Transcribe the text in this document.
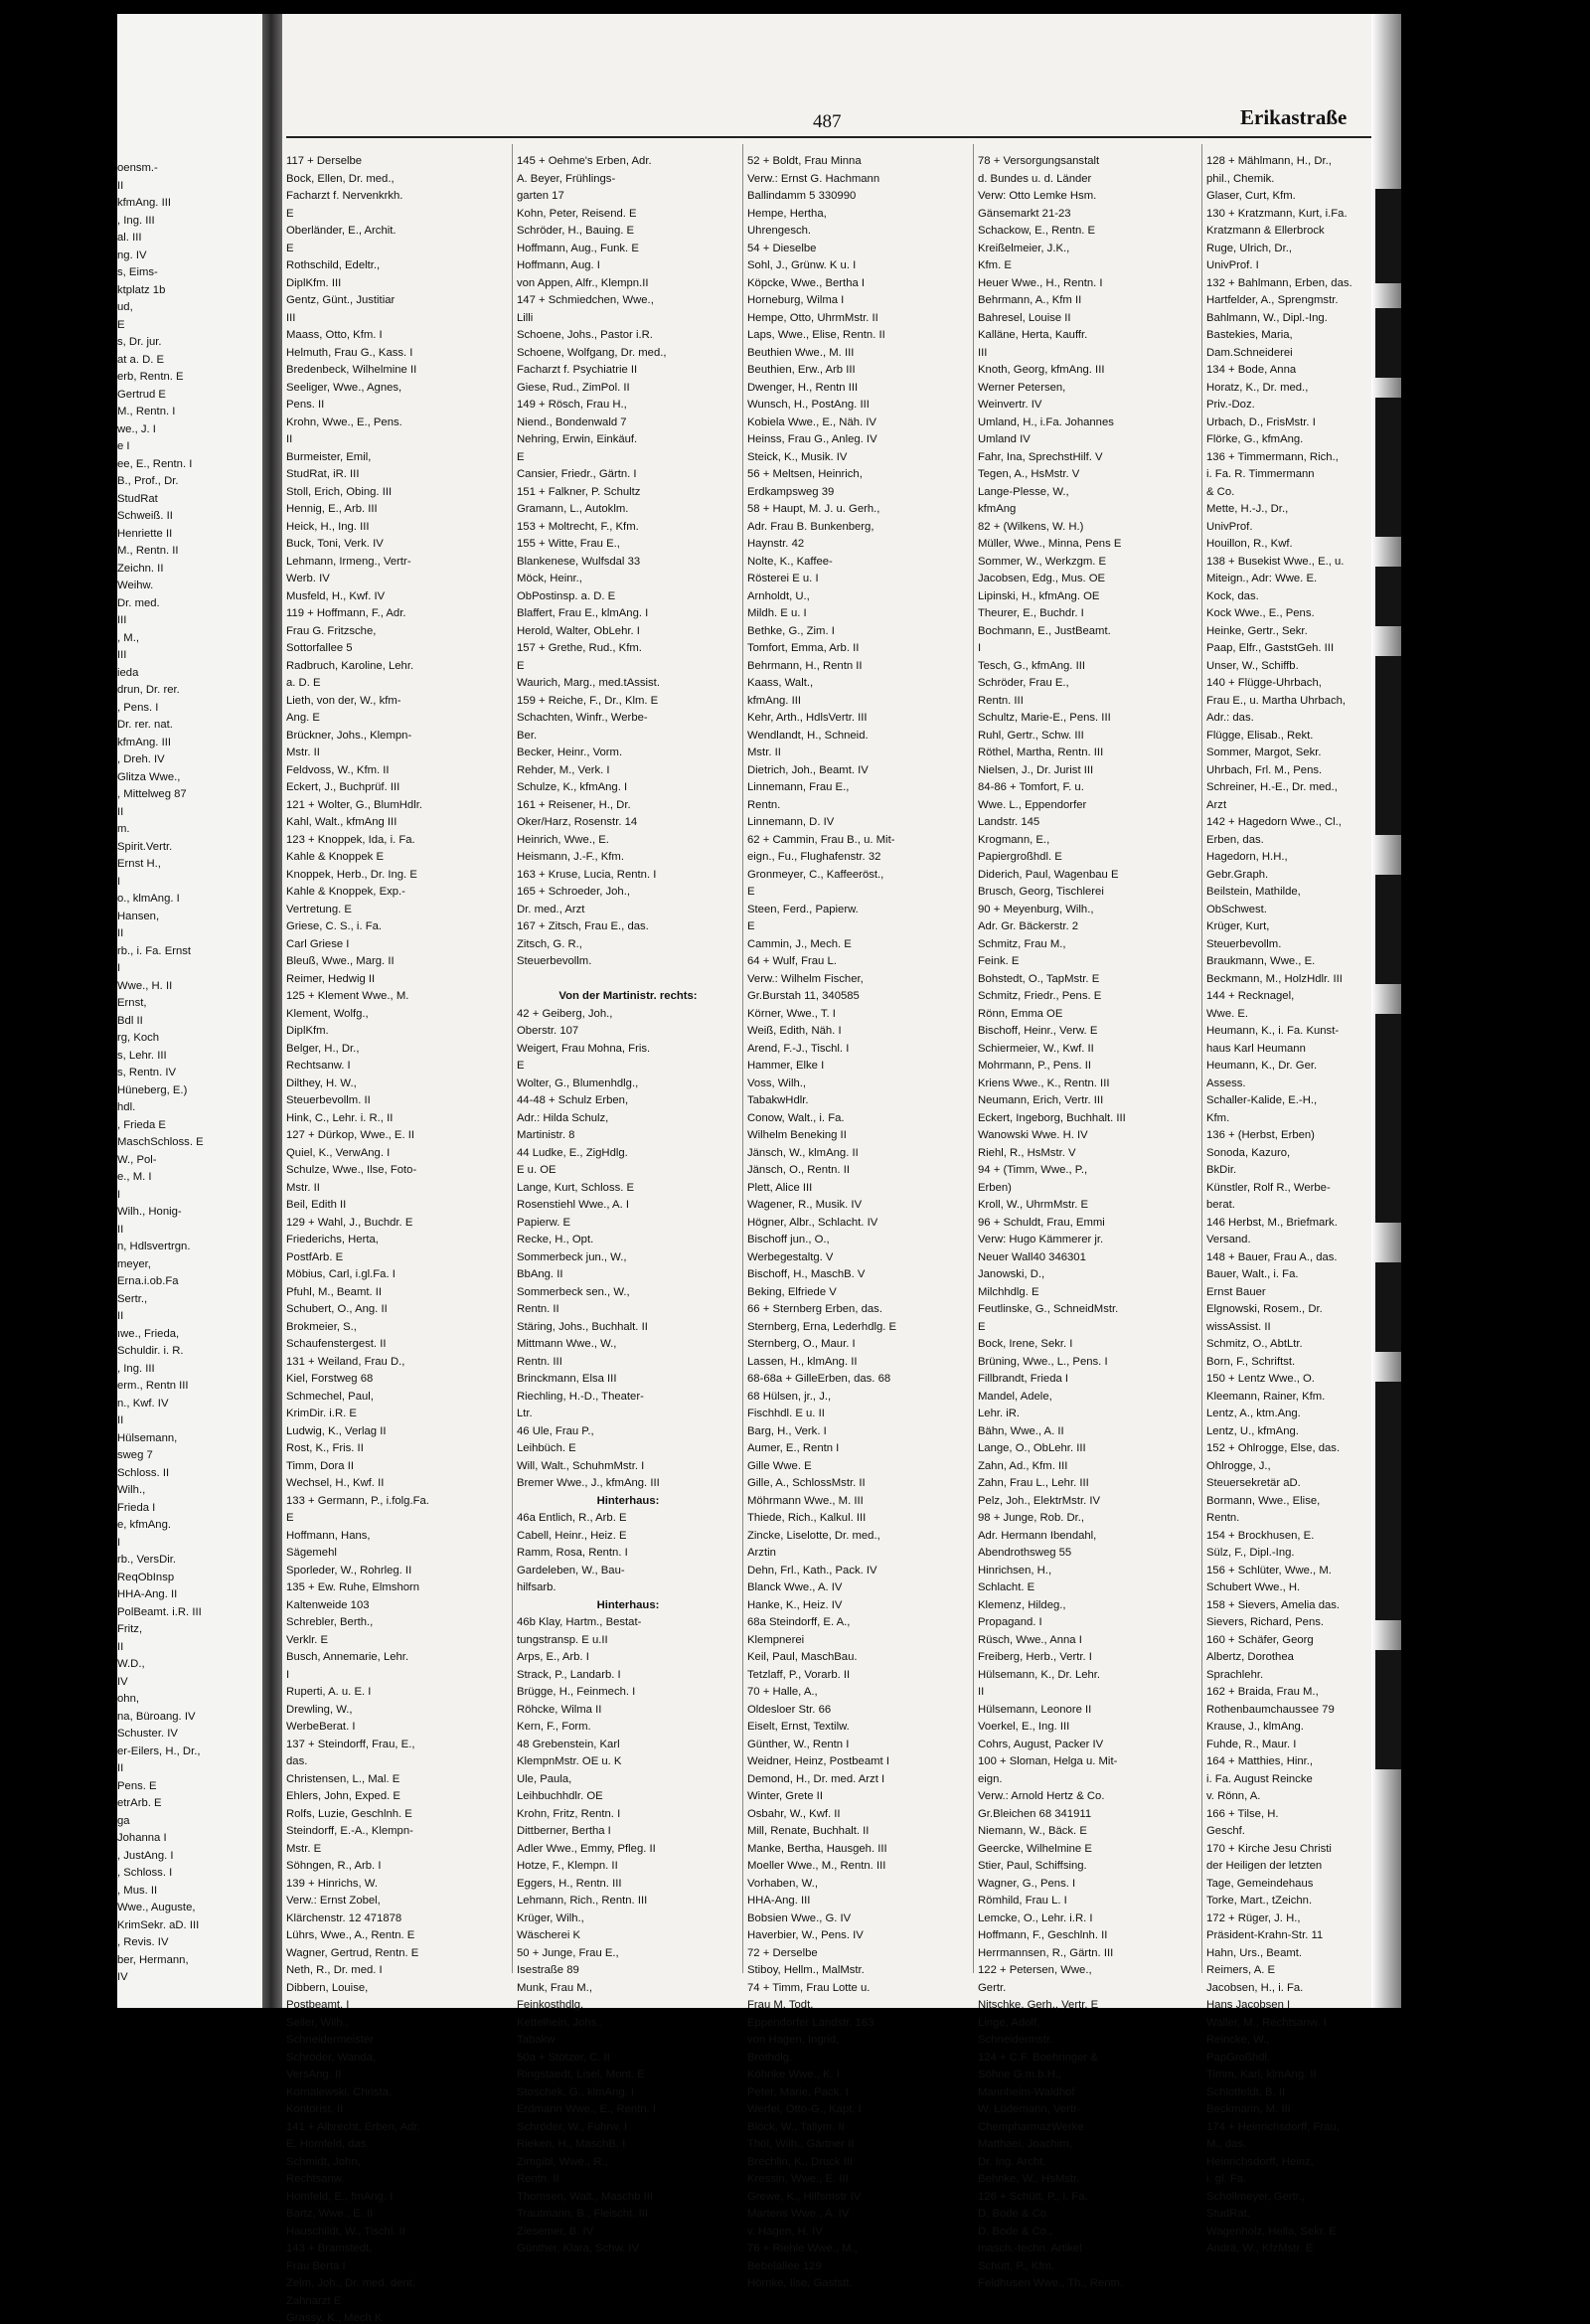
oensm.-
II
kfmAng. III
, Ing. III
al. III
ng. IV
s, Eims-
ktplatz 1b
ud,
E
s, Dr. jur.
at a. D. E
erb, Rentn. E
Gertrud E
M., Rentn. I
we., J. I
e I
ee, E., Rentn. I
B., Prof., Dr.
StudRat
Schweiß. II
Henriette II
M., Rentn. II
Zeichn. II
Weihw.
Dr. med.
III
, M.,
III
ieda
drun, Dr. rer.
, Pens. I
Dr. rer. nat.
kfmAng. III
, Dreh. IV
Glitza Wwe.,
, Mittelweg 87
II
m.
Spirit.Vertr.
Ernst H.,
I
o., klmAng. I
Hansen,
II
rb., i. Fa. Ernst
I
Wwe., H. II
Ernst,
Bdl II
rg, Koch
s, Lehr. III
s, Rentn. IV
Hüneberg, E.)
hdl.
, Frieda E
MaschSchloss. E
W., Pol-
e., M. I
I
Wilh., Honig-
II
n, Hdlsvertrgn.
meyer,
Erna.i.ob.Fa
Sertr.,
II
ıwe., Frieda,
Schuldir. i. R.
, Ing. III
erm., Rentn III
n., Kwf. IV
II
Hülsemann,
sweg 7
Schloss. II
Wilh.,
Frieda I
e, kfmAng.
I
rb., VersDir.
ReqObInsp
HHA-Ang. II
PolBeamt. i.R. III
Fritz,
II
W.D.,
IV
ohn,
na, Büroang. IV
Schuster. IV
er-Eilers, H., Dr.,
II
Pens. E
etrArb. E
ga
Johanna I
, JustAng. I
, Schloss. I
, Mus. II
Wwe., Auguste,
KrimSekr. aD. III
, Revis. IV
ber, Hermann,
IV
487	Erikastraße
117 + Derselbe
Bock, Ellen, Dr. med.,
Facharzt f. Nervenkrkh.
E
Oberländer, E., Archit.
E
Rothschild, Edeltr.,
DiplKfm. III
Gentz, Günt., Justitiar
III
Maass, Otto, Kfm. I
Helmuth, Frau G., Kass. I
Bredenbeck, Wilhelmine II
Seeliger, Wwe., Agnes,
Pens. II
Krohn, Wwe., E., Pens.
II
Burmeister, Emil,
StudRat, iR. III
Stoll, Erich, Obing. III
Hennig, E., Arb. III
Heick, H., Ing. III
Buck, Toni, Verk. IV
Lehmann, Irmeng., Vertr-
Werb. IV
Musfeld, H., Kwf. IV
119 + Hoffmann, F., Adr.
Frau G. Fritzsche,
Sottorfallee 5
Radbruch, Karoline, Lehr.
a. D. E
Lieth, von der, W., kfm-
Ang. E
Brückner, Johs., Klempn-
Mstr. II
Feldvoss, W., Kfm. II
Eckert, J., Buchprüf. III
121 + Wolter, G., BlumHdlr.
Kahl, Walt., kfmAng III
123 + Knoppek, Ida, i. Fa.
Kahle & Knoppek E
Knoppek, Herb., Dr. Ing. E
Kahle & Knoppek, Exp.-
Vertretung. E
Griese, C. S., i. Fa.
Carl Griese I
Bleuß, Wwe., Marg. II
Reimer, Hedwig II
125 + Klement Wwe., M.
Klement, Wolfg.,
DiplKfm.
Belger, H., Dr.,
Rechtsanw. I
Dilthey, H. W.,
Steuerbevollm. II
Hink, C., Lehr. i. R., II
127 + Dürkop, Wwe., E. II
Quiel, K., VerwAng. I
Schulze, Wwe., Ilse, Foto-
Mstr. II
Beil, Edith II
129 + Wahl, J., Buchdr. E
Friederichs, Herta,
PostfArb. E
Möbius, Carl, i.gl.Fa. I
Pfuhl, M., Beamt. II
Schubert, O., Ang. II
Brokmeier, S.,
Schaufenstergest. II
131 + Weiland, Frau D.,
Kiel, Forstweg 68
Schmechel, Paul,
KrimDir. i.R. E
Ludwig, K., Verlag II
Rost, K., Fris. II
Timm, Dora II
Wechsel, H., Kwf. II
133 + Germann, P., i.folg.Fa.
E
Hoffmann, Hans,
Sägemehl
Sporleder, W., Rohrleg. II
135 + Ew. Ruhe, Elmshorn
Kaltenweide 103
Schrebler, Berth.,
Verklr. E
Busch, Annemarie, Lehr.
I
Ruperti, A. u. E. I
Drewling, W.,
WerbeBerat. I
137 + Steindorff, Frau, E.,
das.
Christensen, L., Mal. E
Ehlers, John, Exped. E
Rolfs, Luzie, Geschlnh. E
Steindorff, E.-A., Klempn-
Mstr. E
Söhngen, R., Arb. I
139 + Hinrichs, W.
Verw.: Ernst Zobel,
Klärchenstr. 12 471878
Lührs, Wwe., A., Rentn. E
Wagner, Gertrud, Rentn. E
Neth, R., Dr. med. I
Dibbern, Louise,
Postbeamt. I
Seiler, Wilh.,
Schneidermeister
Schröder, Wanda,
VersAng. II
Kornalewski, Christa,
Kontorist. II
141 + Albrecht, Erben, Adr.
E. Homfeld, das.
Schmidt, John,
Rechtsanw.
Homfeld, E., fmAng. I
Bartz, Wwe., E. II
Hauschildt, W., Tischl. II
143 + Bramstedt,
Frau Berta I
Zelm, Joh., Dr. med. dent.
Zahnarzt E
Grassy, K., Mech K
145 + Oehme's Erben, Adr.
A. Beyer, Frühlings-
garten 17
Kohn, Peter, Reisend. E
Schröder, H., Bauing. E
Hoffmann, Aug., Funk. E
Hoffmann, Aug. I
von Appen, Alfr., Klempn.II
147 + Schmiedchen, Wwe.,
Lilli
Schoene, Johs., Pastor i.R.
Schoene, Wolfgang, Dr. med.,
Facharzt f. Psychiatrie II
Giese, Rud., ZimPol. II
149 + Rösch, Frau H.,
Niend., Bondenwald 7
Nehring, Erwin, Einkäuf.
E
Cansier, Friedr., Gärtn. I
151 + Falkner, P. Schultz
Gramann, L., Autoklm.
153 + Moltrecht, F., Kfm.
155 + Witte, Frau E.,
Blankenese, Wulfsdal 33
Möck, Heinr.,
ObPostinsp. a. D. E
Blaffert, Frau E., klmAng. I
Herold, Walter, ObLehr. I
157 + Grethe, Rud., Kfm.
E
Waurich, Marg., med.tAssist.
159 + Reiche, F., Dr., Klm. E
Schachten, Winfr., Werbe-
Ber.
Becker, Heinr., Vorm.
Rehder, M., Verk. I
Schulze, K., kfmAng. I
161 + Reisener, H., Dr.
Oker/Harz, Rosenstr. 14
Heinrich, Wwe., E.
Heismann, J.-F., Kfm.
163 + Kruse, Lucia, Rentn. I
165 + Schroeder, Joh.,
Dr. med., Arzt
167 + Zitsch, Frau E., das.
Zitsch, G. R.,
Steuerbevollm.
Von der Martinistr. rechts:
42 + Geiberg, Joh.,
Oberstr. 107
Weigert, Frau Mohna, Fris.
E
Wolter, G., Blumenhdlg.,
44-48 + Schulz Erben,
Adr.: Hilda Schulz,
Martinistr. 8
44 Ludke, E., ZigHdlg.
E u. OE
Lange, Kurt, Schloss. E
Rosenstiehl Wwe., A. I
Papierw. E
Recke, H., Opt.
Sommerbeck jun., W.,
BbAng. II
Sommerbeck sen., W.,
Rentn. II
Stäring, Johs., Buchhalt. II
Mittmann Wwe., W.,
Rentn. III
Brinckmann, Elsa III
Riechling, H.-D., Theater-
Ltr.
46 Ule, Frau P.,
Leihbüch. E
Will, Walt., SchuhmMstr. I
Bremer Wwe., J., kfmAng. III
Hinterhaus:
46a Entlich, R., Arb. E
Cabell, Heinr., Heiz. E
Ramm, Rosa, Rentn. I
Gardeleben, W., Bau-
hilfsarb.
Hinterhaus:
46b Klay, Hartm., Bestat-
tungstransp. E u.II
Arps, E., Arb. I
Strack, P., Landarb. I
Brügge, H., Feinmech. I
Röhcke, Wilma II
Kern, F., Form.
48 Grebenstein, Karl
KlempnMstr. OE u. K
Ule, Paula,
Leihbuchhdlr. OE
Krohn, Fritz, Rentn. I
Dittberner, Bertha I
Adler Wwe., Emmy, Pfleg. II
Hotze, F., Klempn. II
Eggers, H., Rentn. III
Lehmann, Rich., Rentn. III
Krüger, Wilh.,
Wäscherei K
50 + Junge, Frau E.,
Isestraße 89
Munk, Frau M.,
Feinkosthdlg.
Kettelhein, Johs.,
Tabakw
50a + Stötzer, C. II
Ringstaedt, Lisel, Mont. E
Stoschek, G., klmAng. I
Erdmann Wwe., E., Rentn. I
Schröder, W., Fuhrw. I
Rieken, H., MaschB. I
Zimgibl, Wwe., R.,
Rentn. II
Thomsen, Walt., Maschb III
Trautmann, B., Fleischt. III
Ziesemer, B. IV
Günther, Klara, Schw. IV
52 + Boldt, Frau Minna
Verw.: Ernst G. Hachmann
Ballindamm 5 330990
Hempe, Hertha,
Uhrengesch.
54 + Dieselbe
Sohl, J., Grünw. K u. I
Köpcke, Wwe., Bertha I
Horneburg, Wilma I
Hempe, Otto, UhrmMstr. II
Laps, Wwe., Elise, Rentn. II
Beuthien Wwe., M. III
Beuthien, Erw., Arb III
Dwenger, H., Rentn III
Wunsch, H., PostAng. III
Kobiela Wwe., E., Näh. IV
Heinss, Frau G., Anleg. IV
Steick, K., Musik. IV
56 + Meltsen, Heinrich,
Erdkampsweg 39
58 + Haupt, M. J. u. Gerh.,
Adr. Frau B. Bunkenberg,
Haynstr. 42
Nolte, K., Kaffee-
Rösterei E u. I
Arnholdt, U.,
Mildh. E u. I
Bethke, G., Zim. I
Tomfort, Emma, Arb. II
Behrmann, H., Rentn II
Kaass, Walt.,
kfmAng. III
Kehr, Arth., HdlsVertr. III
Wendlandt, H., Schneid.
Mstr. II
Dietrich, Joh., Beamt. IV
Linnemann, Frau E.,
Rentn.
Linnemann, D. IV
62 + Cammin, Frau B., u. Mit-
eign., Fu., Flughafenstr. 32
Gronmeyer, C., Kaffeeröst.,
E
Steen, Ferd., Papierw.
E
Cammin, J., Mech. E
64 + Wulf, Frau L.
Verw.: Wilhelm Fischer,
Gr.Burstah 11, 340585
Körner, Wwe., T. I
Weiß, Edith, Näh. I
Arend, F.-J., Tischl. I
Hammer, Elke I
Voss, Wilh.,
TabakwHdlr.
Conow, Walt., i. Fa.
Wilhelm Beneking II
Jänsch, W., klmAng. II
Jänsch, O., Rentn. II
Plett, Alice III
Wagener, R., Musik. IV
Högner, Albr., Schlacht. IV
Bischoff jun., O.,
Werbegestaltg. V
Bischoff, H., MaschB. V
Beking, Elfriede V
66 + Sternberg Erben, das.
Sternberg, Erna, Lederhdlg. E
Sternberg, O., Maur. I
Lassen, H., klmAng. II
68-68a + GilleErben, das. 68
68 Hülsen, jr., J.,
Fischhdl. E u. II
Barg, H., Verk. I
Aumer, E., Rentn I
Gille Wwe. E
Gille, A., SchlossMstr. II
Möhrmann Wwe., M. III
Thiede, Rich., Kalkul. III
Zincke, Liselotte, Dr. med.,
Arztin
Dehn, Frl., Kath., Pack. IV
Blanck Wwe., A. IV
Hanke, K., Heiz. IV
68a Steindorff, E. A.,
Klempnerei
Keil, Paul, MaschBau.
Tetzlaff, P., Vorarb. II
70 + Halle, A.,
Oldesloer Str. 66
Eiselt, Ernst, Textilw.
Günther, W., Rentn I
Weidner, Heinz, Postbeamt I
Demond, H., Dr. med. Arzt I
Winter, Grete II
Osbahr, W., Kwf. II
Mill, Renate, Buchhalt. II
Manke, Bertha, Hausgeh. III
Moeller Wwe., M., Rentn. III
Vorhaben, W.,
HHA-Ang. III
Bobsien Wwe., G. IV
Haverbier, W., Pens. IV
72 + Derselbe
Stiboy, Hellm., MalMstr.
74 + Timm, Frau Lotte u.
Frau M. Todt,
Eppendorfer Landstr. 163
von Hagen, Ingrid,
Brothdlg.
Köhnke Wwe., K. I
Peter, Marie, Pack. I
Werfel, Otto-G., Kapt. I
Blöck, W., Tallym. II
Thöl, Wilh., Gärtner II
Brechlin, K., Druck III
Kressin, Wwe., E. III
Grewe, K., Hilfsmstr IV
Martens Wwe., A. IV
v. Hagen, H. IV
76 + Riehle Wwe., M.,
Bebelallee 129
Hörnke, Ilse, Gaststt.
78 + Versorgungsanstalt
d. Bundes u. d. Länder
Verw: Otto Lemke Hsm.
Gänsemarkt 21-23
Schackow, E., Rentn. E
Kreißelmeier, J.K.,
Kfm. E
Heuer Wwe., H., Rentn. I
Behrmann, A., Kfm II
Bahresel, Louise II
Kalläne, Herta, Kauffr.
III
Knoth, Georg, kfmAng. III
Werner Petersen,
Weinvertr. IV
Umland, H., i.Fa. Johannes
Umland IV
Fahr, Ina, SprechstHilf. V
Tegen, A., HsMstr. V
Lange-Plesse, W.,
kfmAng
82 + (Wilkens, W. H.)
Müller, Wwe., Minna, Pens E
Sommer, W., Werkzgm. E
Jacobsen, Edg., Mus. OE
Lipinski, H., kfmAng. OE
Theurer, E., Buchdr. I
Bochmann, E., JustBeamt.
I
Tesch, G., kfmAng. III
Schröder, Frau E.,
Rentn. III
Schultz, Marie-E., Pens. III
Ruhl, Gertr., Schw. III
Röthel, Martha, Rentn. III
Nielsen, J., Dr. Jurist III
84-86 + Tomfort, F. u.
Wwe. L., Eppendorfer
Landstr. 145
Krogmann, E.,
Papiergroßhdl. E
Diderich, Paul, Wagenbau E
Brusch, Georg, Tischlerei
90 + Meyenburg, Wilh.,
Adr. Gr. Bäckerstr. 2
Schmitz, Frau M.,
Feink. E
Bohstedt, O., TapMstr. E
Schmitz, Friedr., Pens. E
Rönn, Emma OE
Bischoff, Heinr., Verw. E
Schiermeier, W., Kwf. II
Mohrmann, P., Pens. II
Kriens Wwe., K., Rentn. III
Neumann, Erich, Vertr. III
Eckert, Ingeborg, Buchhalt. III
Wanowski Wwe. H. IV
Riehl, R., HsMstr. V
94 + (Timm, Wwe., P.,
Erben)
Kroll, W., UhrmMstr. E
96 + Schuldt, Frau, Emmi
Verw: Hugo Kämmerer jr.
Neuer Wall40 346301
Janowski, D.,
Milchhdlg. E
Feutlinske, G., SchneidMstr.
E
Bock, Irene, Sekr. I
Brüning, Wwe., L., Pens. I
Fillbrandt, Frieda I
Mandel, Adele,
Lehr. iR.
Bähn, Wwe., A. II
Lange, O., ObLehr. III
Zahn, Ad., Kfm. III
Zahn, Frau L., Lehr. III
Pelz, Joh., ElektrMstr. IV
98 + Junge, Rob. Dr.,
Adr. Hermann Ibendahl,
Abendrothsweg 55
Hinrichsen, H.,
Schlacht. E
Klemenz, Hildeg.,
Propagand. I
Rüsch, Wwe., Anna I
Freiberg, Herb., Vertr. I
Hülsemann, K., Dr. Lehr.
II
Hülsemann, Leonore II
Voerkel, E., Ing. III
Cohrs, August, Packer IV
100 + Sloman, Helga u. Mit-
eign.
Verw.: Arnold Hertz & Co.
Gr.Bleichen 68 341911
Niemann, W., Bäck. E
Geercke, Wilhelmine E
Stier, Paul, Schiffsing.
Wagner, G., Pens. I
Römhild, Frau L. I
Lemcke, O., Lehr. i.R. I
Hoffmann, F., Geschlnh. II
Herrmannsen, R., Gärtn. III
122 + Petersen, Wwe.,
Gertr.
Nitschke, Gerh., Vertr. E
Linge, Adolf,
Schneidermstr.
124 + C.F. Boehringer &
Söhne G.m.b.H.,
Mannheim-Waldhof
W. Lüdemann, Vertr-
ChempharmazWerke
Matthaei, Joachim,
Dr. Ing. Archt.
Behnke, W., HsMstr.
126 + Schütt, P., i. Fa.
D. Bode & Co.
D. Bode & Co.,
masch.-techn. Artikel
Schütt, P., Kfm.
Feldhusen Wwe., Th., Rentn.
128 + Mählmann, H., Dr.,
phil., Chemik.
Glaser, Curt, Kfm.
130 + Kratzmann, Kurt, i.Fa.
Kratzmann & Ellerbrock
Ruge, Ulrich, Dr.,
UnivProf. I
132 + Bahlmann, Erben, das.
Hartfelder, A., Sprengmstr.
Bahlmann, W., Dipl.-Ing.
Bastekies, Maria,
Dam.Schneiderei
134 + Bode, Anna
Horatz, K., Dr. med.,
Priv.-Doz.
Urbach, D., FrisMstr. I
Flörke, G., kfmAng.
136 + Timmermann, Rich.,
i. Fa. R. Timmermann
& Co.
Mette, H.-J., Dr.,
UnivProf.
Houillon, R., Kwf.
138 + Busekist Wwe., E., u.
Miteign., Adr: Wwe. E.
Kock, das.
Kock Wwe., E., Pens.
Heinke, Gertr., Sekr.
Paap, Elfr., GaststGeh. III
Unser, W., Schiffb.
140 + Flügge-Uhrbach,
Frau E., u. Martha Uhrbach,
Adr.: das.
Flügge, Elisab., Rekt.
Sommer, Margot, Sekr.
Uhrbach, Frl. M., Pens.
Schreiner, H.-E., Dr. med.,
Arzt
142 + Hagedorn Wwe., Cl.,
Erben, das.
Hagedorn, H.H.,
Gebr.Graph.
Beilstein, Mathilde,
ObSchwest.
Krüger, Kurt,
Steuerbevollm.
Braukmann, Wwe., E.
Beckmann, M., HolzHdlr. III
144 + Recknagel,
Wwe. E.
Heumann, K., i. Fa. Kunst-
haus Karl Heumann
Heumann, K., Dr. Ger.
Assess.
Schaller-Kalide, E.-H.,
Kfm.
136 + (Herbst, Erben)
Sonoda, Kazuro,
BkDir.
Künstler, Rolf R., Werbe-
berat.
146 Herbst, M., Briefmark.
Versand.
148 + Bauer, Frau A., das.
Bauer, Walt., i. Fa.
Ernst Bauer
Elgnowski, Rosem., Dr.
wissAssist. II
Schmitz, O., AbtLtr.
Born, F., Schriftst.
150 + Lentz Wwe., O.
Kleemann, Rainer, Kfm.
Lentz, A., ktm.Ang.
Lentz, U., kfmAng.
152 + Ohlrogge, Else, das.
Ohlrogge, J.,
Steuersekretär aD.
Bormann, Wwe., Elise,
Rentn.
154 + Brockhusen, E.
Sülz, F., Dipl.-Ing.
156 + Schlüter, Wwe., M.
Schubert Wwe., H.
158 + Sievers, Amelia das.
Sievers, Richard, Pens.
160 + Schäfer, Georg
Albertz, Dorothea
Sprachlehr.
162 + Braida, Frau M.,
Rothenbaumchaussee 79
Krause, J., klmAng.
Fuhde, R., Maur. I
164 + Matthies, Hinr.,
i. Fa. August Reincke
v. Rönn, A.
166 + Tilse, H.
Geschf.
170 + Kirche Jesu Christi
der Heiligen der letzten
Tage, Gemeindehaus
Torke, Mart., tZeichn.
172 + Rüger, J. H.,
Präsident-Krahn-Str. 11
Hahn, Urs., Beamt.
Reimers, A. E
Jacobsen, H., i. Fa.
Hans Jacobsen I
Waller, M., Rechtsanw. I
Reincke, W.,
PapGroßhdl.
Timm, Karl, klmAng. II
Schlotfeldt, B. II
Beckmann, M. III
174 + Heinrichsdorff, Frau,
M., das.
Heinrichsdorff, Heinz,
i. gl. Fa.
Schollmeyer, Gertr.,
StudRat.
Wagenholz, Hella, Sekr. E
Andrä, W., KfzMstr. E
